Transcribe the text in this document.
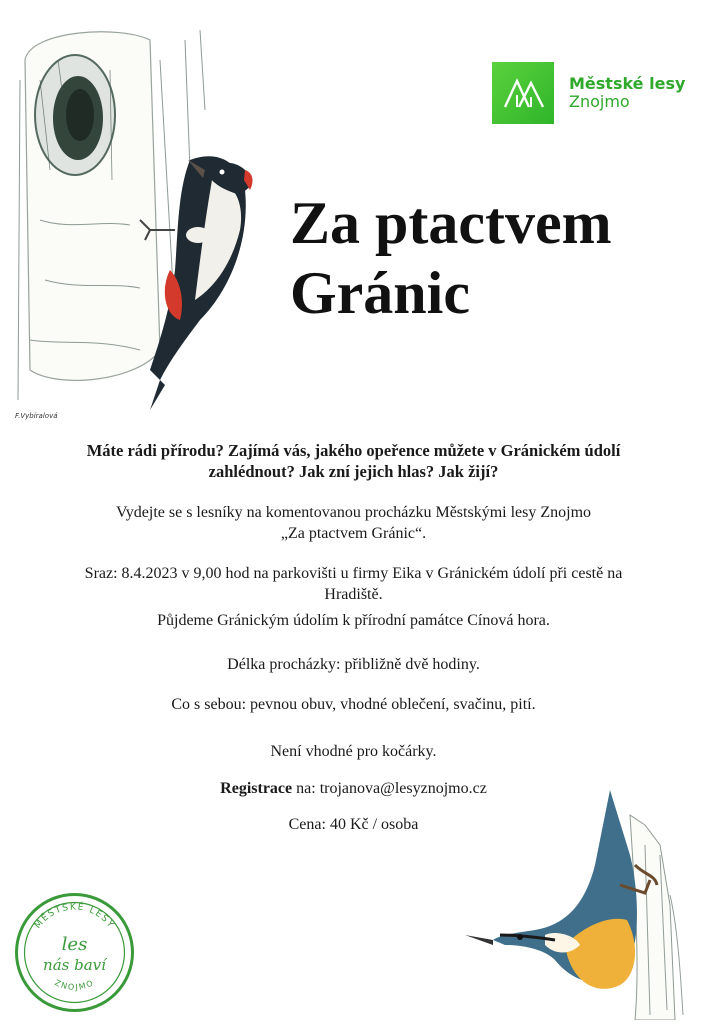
F.Vybíralová
Městské lesy
Znojmo
Za ptactvem
Gránic

Máte rádi přírodu? Zajímá vás, jakého opeřence můžete v Gránickém údolí
zahlédnout? Jak zní jejich hlas? Jak žijí?

Vydejte se s lesníky na komentovanou procházku Městskými lesy Znojmo
„Za ptactvem Gránic“.

Sraz: 8.4.2023 v 9,00 hod na parkovišti u firmy Eika v Gránickém údolí při cestě na
Hradiště.

Půjdeme Gránickým údolím k přírodní památce Cínová hora.

Délka procházky: přibližně dvě hodiny.

Co s sebou: pevnou obuv, vhodné oblečení, svačinu, pití.

Není vhodné pro kočárky.

Registrace na: trojanova@lesyznojmo.cz

Cena: 40 Kč / osoba

MĚSTSKÉ LESY
les
nás baví
ZNOJMO
